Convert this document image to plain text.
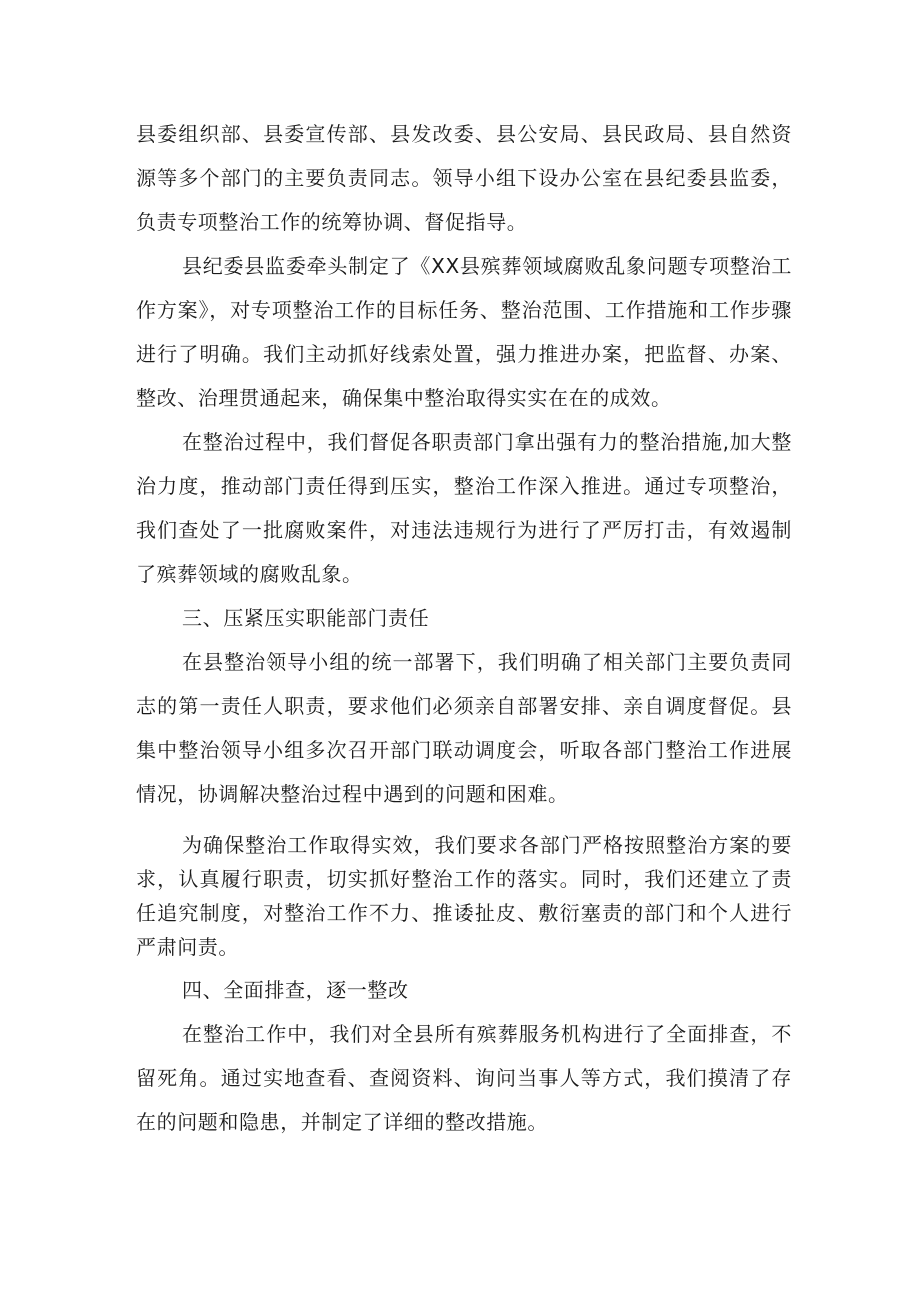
县委组织部、县委宣传部、县发改委、县公安局、县民政局、县自然资源等多个部门的主要负责同志。领导小组下设办公室在县纪委县监委，负责专项整治工作的统筹协调、督促指导。

县纪委县监委牵头制定了《XX县殡葬领域腐败乱象问题专项整治工作方案》，对专项整治工作的目标任务、整治范围、工作措施和工作步骤进行了明确。我们主动抓好线索处置，强力推进办案，把监督、办案、整改、治理贯通起来，确保集中整治取得实实在在的成效。

在整治过程中，我们督促各职责部门拿出强有力的整治措施,加大整治力度，推动部门责任得到压实，整治工作深入推进。通过专项整治，我们查处了一批腐败案件，对违法违规行为进行了严厉打击，有效遏制了殡葬领域的腐败乱象。

三、压紧压实职能部门责任

在县整治领导小组的统一部署下，我们明确了相关部门主要负责同志的第一责任人职责，要求他们必须亲自部署安排、亲自调度督促。县集中整治领导小组多次召开部门联动调度会，听取各部门整治工作进展情况，协调解决整治过程中遇到的问题和困难。

为确保整治工作取得实效，我们要求各部门严格按照整治方案的要求，认真履行职责，切实抓好整治工作的落实。同时，我们还建立了责任追究制度，对整治工作不力、推诿扯皮、敷衍塞责的部门和个人进行严肃问责。

四、全面排查，逐一整改

在整治工作中，我们对全县所有殡葬服务机构进行了全面排查，不留死角。通过实地查看、查阅资料、询问当事人等方式，我们摸清了存在的问题和隐患，并制定了详细的整改措施。
